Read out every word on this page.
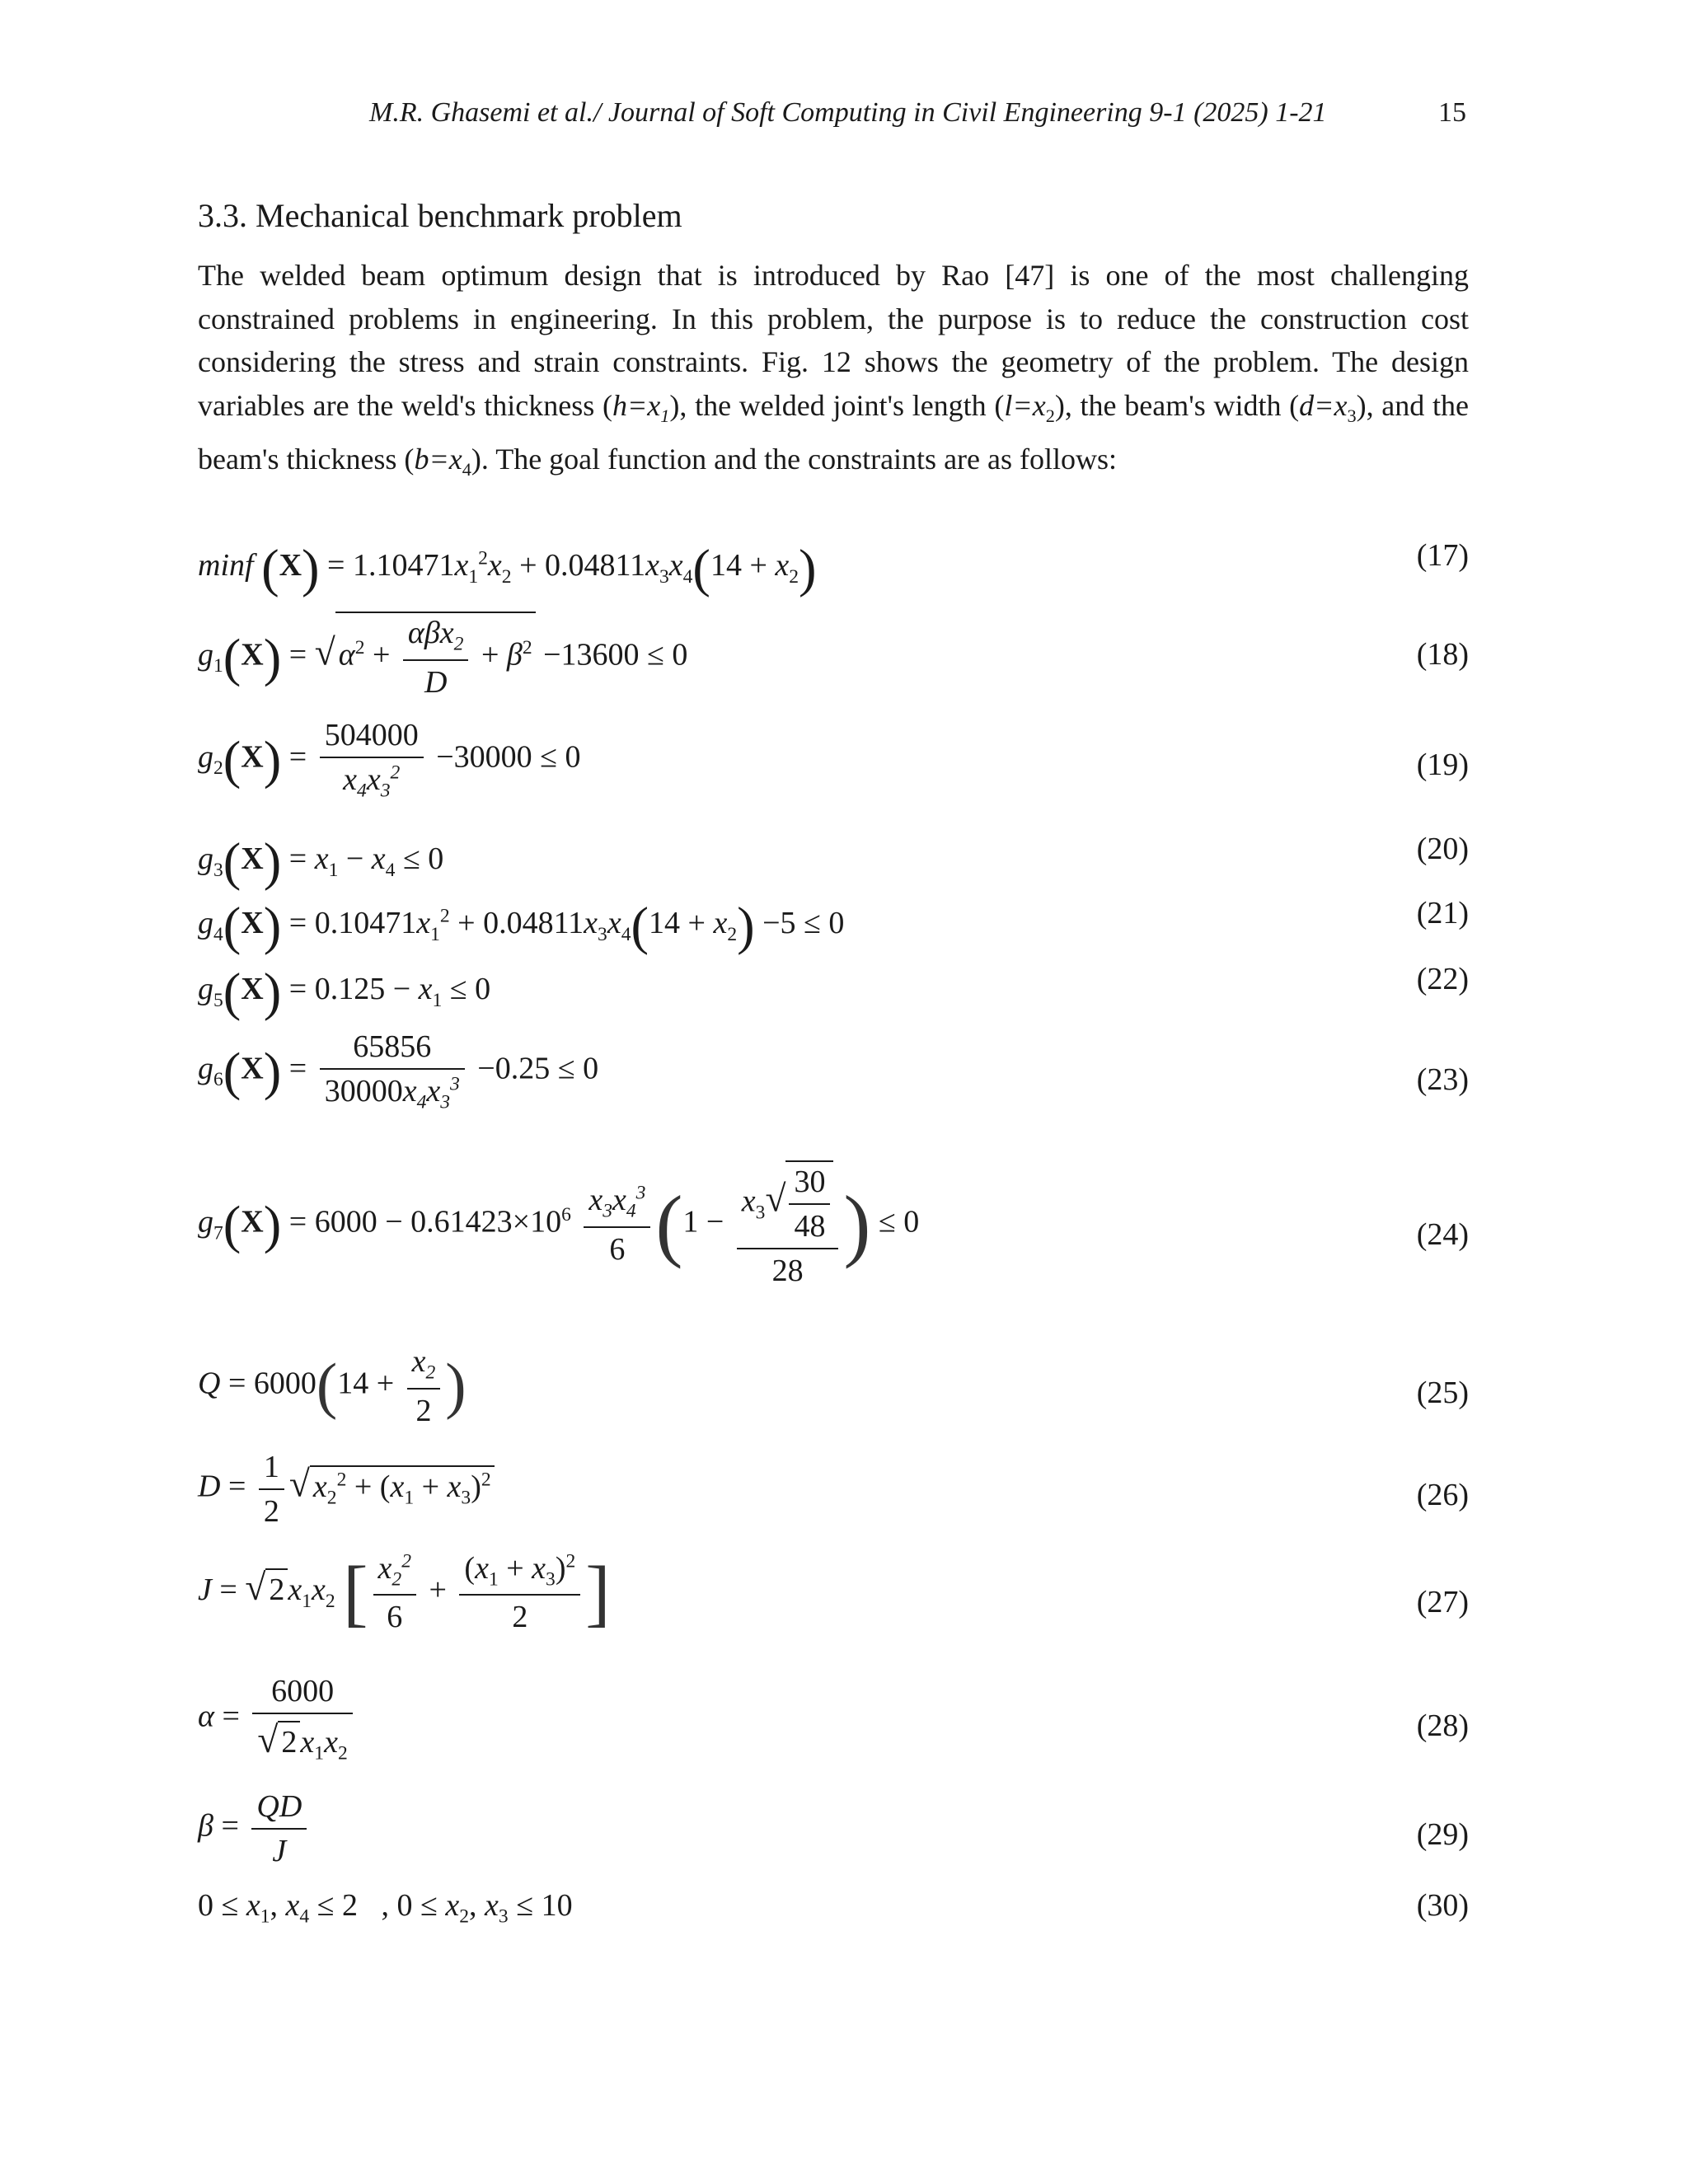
M.R. Ghasemi et al./ Journal of Soft Computing in Civil Engineering 9-1 (2025) 1-21	15
3.3. Mechanical benchmark problem
The welded beam optimum design that is introduced by Rao [47] is one of the most challenging constrained problems in engineering. In this problem, the purpose is to reduce the construction cost considering the stress and strain constraints. Fig. 12 shows the geometry of the problem. The design variables are the weld's thickness $(h=x_1)$, the welded joint's length $(l=x_2)$, the beam's width $(d=x_3)$, and the beam's thickness $(b=x_4)$. The goal function and the constraints are as follows:
minf $(X) = 1.10471x_1^2x_2 + 0.04811x_3x_4(14 + x_2)$	(17)
$g_1(X)$ = √ $\alpha^2 + \frac{\alpha\beta x_2}{D} + \beta^2 -13600 \le 0$	(18)
$g_2(X) = \frac{504000}{x_4x_3^2} -30000 \le 0$	(19)
$g_3(X) = x_1 - x_4 \le 0$	(20)
$g_4(X) = 0.10471x_1^2 + 0.04811x_3x_4(14 + x_2) -5 \le 0$	(21)
$g_5(X) = 0.125 - x_1 \le 0$	(22)
$g_6(X) = \frac{65856}{30000x_4x_3^3} -0.25 \le 0$	(23)
$g_7(X) = 6000 - 0.61423\times 10^6 \frac{x_3x_4^3}{6} (1 - \frac{x_3√ \frac{30}{48}}{28}$ ) ≤ 0	(24)
$Q = 6000(14 + \frac{x_2}{2}$ )	(25)
$D = \frac{1}{2}$ √ $x_2^2 + (x_1 + x_3)^2$	(26)
J = √ 2 $x_1x_2$ [ $\frac{x_2^2}{6} + \frac{(x_1 + x_3)^2}{2}$ ]	(27)
$\alpha = \frac{6000}{√ 2 x_1x_2}$	(28)
$\beta = \frac{QD}{J}$	(29)
$0 \le x_1$, $x_4 \le 2$   , $0 \le x_2$, $x_3 \le 10$	(30)
